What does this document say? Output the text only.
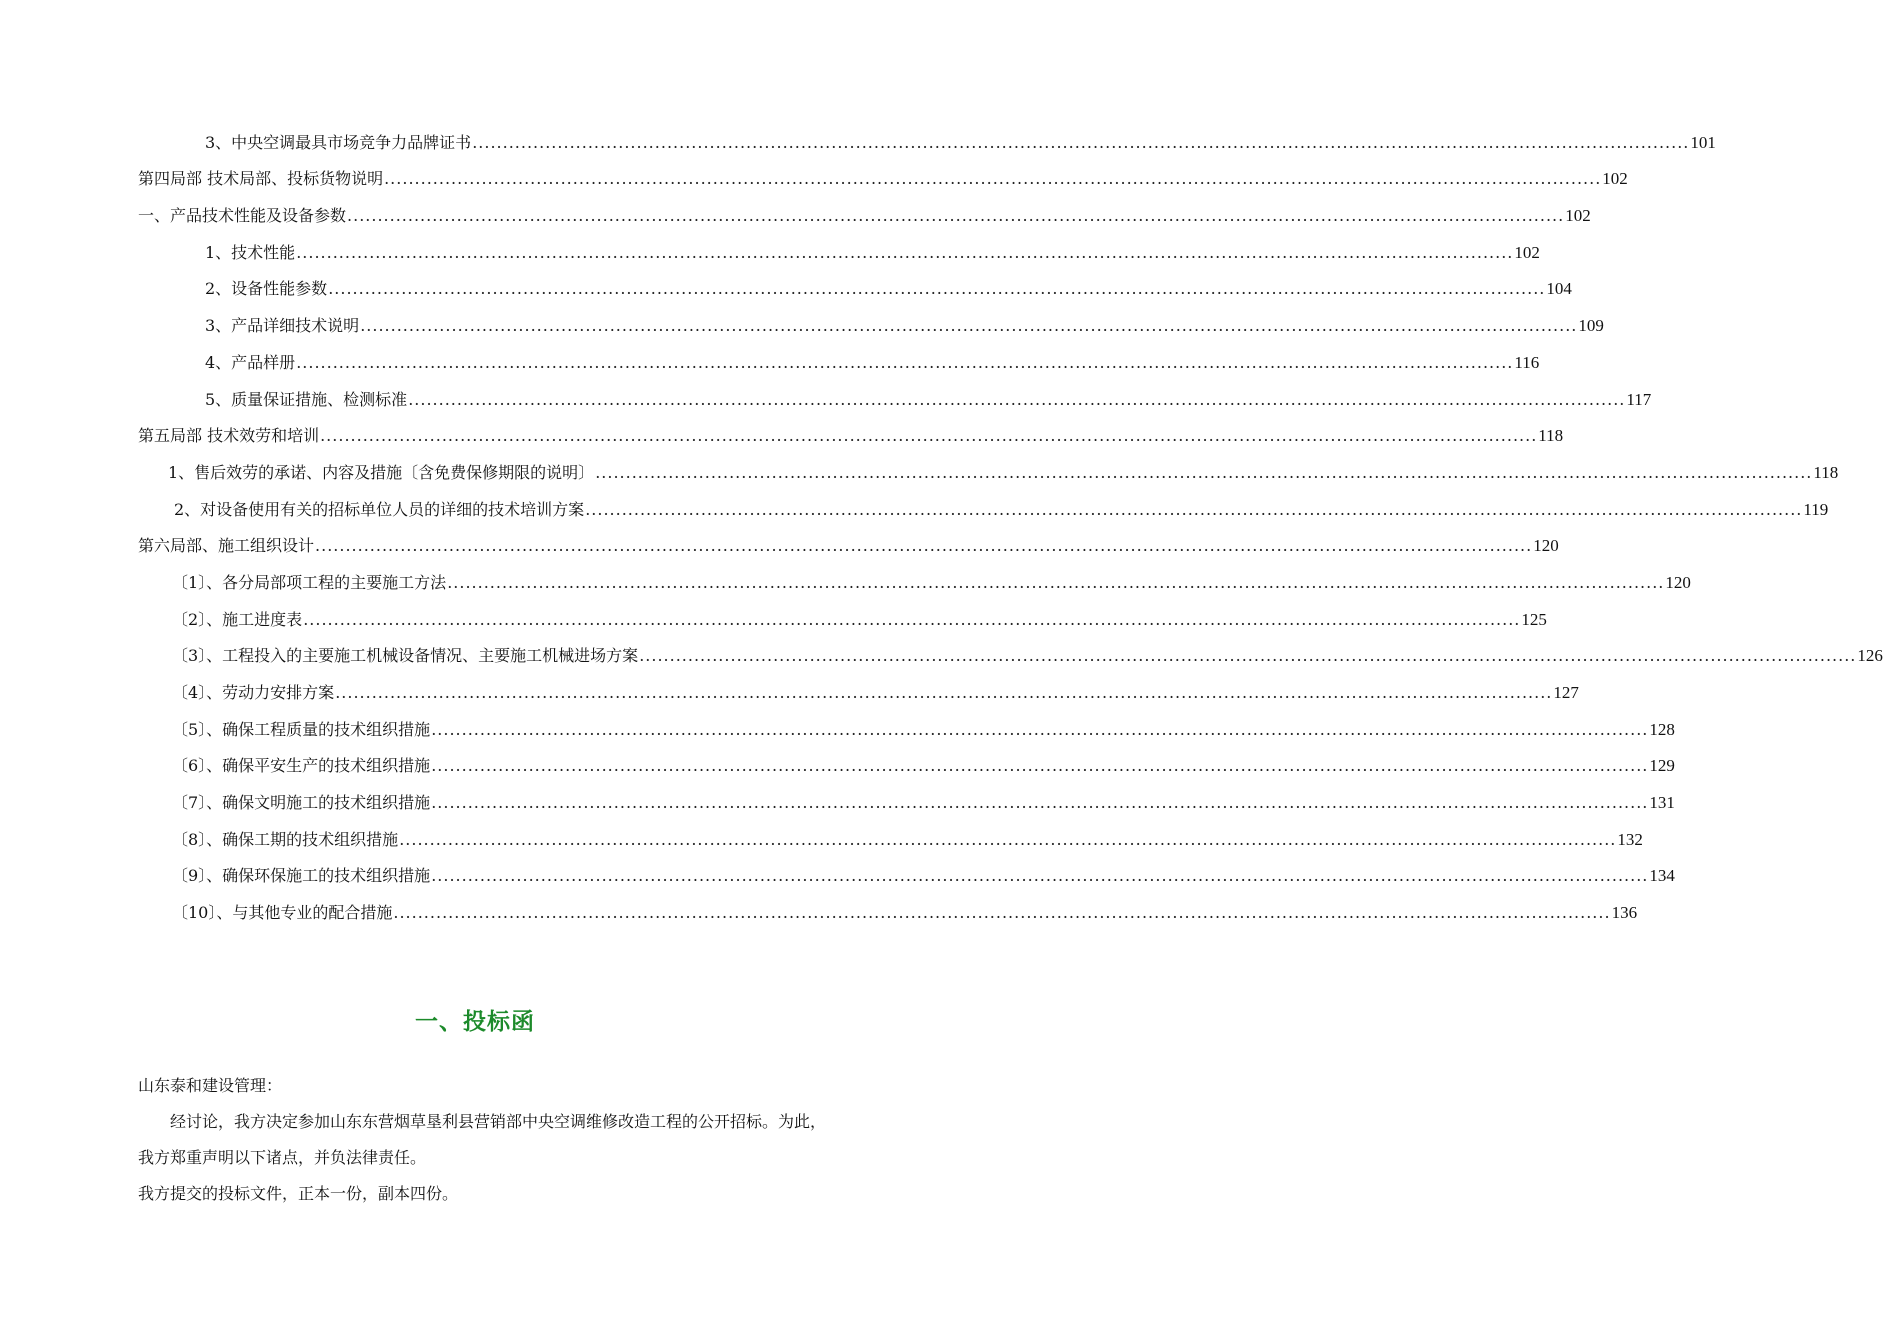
3、中央空调最具市场竞争力品牌证书 ........................................................................................................................................................................................................ 101
第四局部 技术局部、投标货物说明 ........................................................................................................................................................................................................ 102
一、产品技术性能及设备参数 ........................................................................................................................................................................................................ 102
1、技术性能 ........................................................................................................................................................................................................ 102
2、设备性能参数 ........................................................................................................................................................................................................ 104
3、产品详细技术说明 ........................................................................................................................................................................................................ 109
4、产品样册 ........................................................................................................................................................................................................ 116
5、质量保证措施、检测标准 ........................................................................................................................................................................................................ 117
第五局部 技术效劳和培训 ........................................................................................................................................................................................................ 118
1、售后效劳的承诺、内容及措施〔含免费保修期限的说明〕 ........................................................................................................................................................................................................ 118
2、对设备使用有关的招标单位人员的详细的技术培训方案 ........................................................................................................................................................................................................ 119
第六局部、施工组织设计 ........................................................................................................................................................................................................ 120
〔1〕、各分局部项工程的主要施工方法 ........................................................................................................................................................................................................ 120
〔2〕、施工进度表 ........................................................................................................................................................................................................ 125
〔3〕、工程投入的主要施工机械设备情况、主要施工机械进场方案 ........................................................................................................................................................................................................ 126
〔4〕、劳动力安排方案 ........................................................................................................................................................................................................ 127
〔5〕、确保工程质量的技术组织措施 ........................................................................................................................................................................................................ 128
〔6〕、确保平安生产的技术组织措施 ........................................................................................................................................................................................................ 129
〔7〕、确保文明施工的技术组织措施 ........................................................................................................................................................................................................ 131
〔8〕、确保工期的技术组织措施 ........................................................................................................................................................................................................ 132
〔9〕、确保环保施工的技术组织措施 ........................................................................................................................................................................................................ 134
〔10〕、与其他专业的配合措施 ........................................................................................................................................................................................................ 136
一、投标函

山东泰和建设管理：

经讨论，我方决定参加山东东营烟草垦利县营销部中央空调维修改造工程的公开招标。为此，我方郑重声明以下诸点，并负法律责任。

我方提交的投标文件，正本一份，副本四份。
